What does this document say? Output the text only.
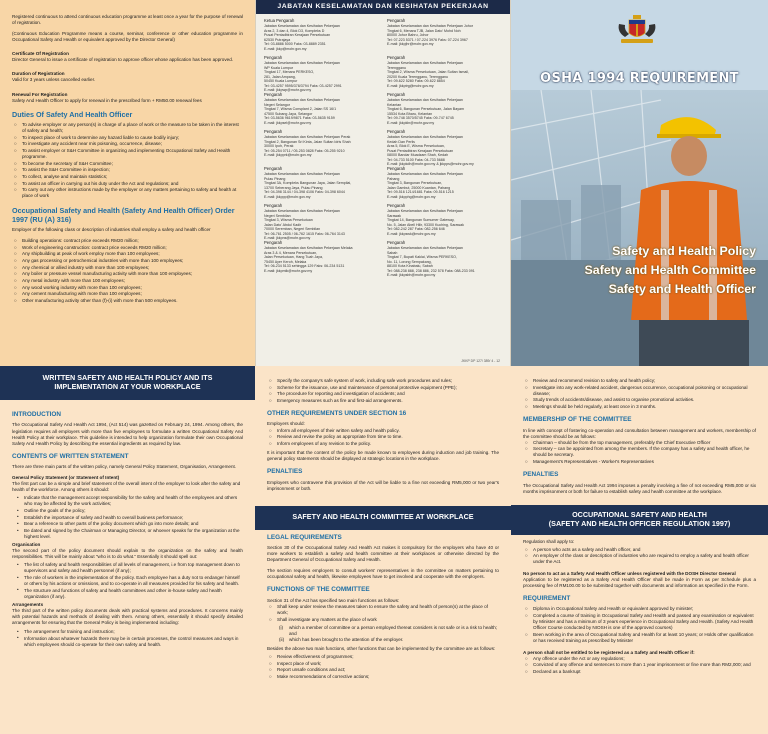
Registered continuous to attend continuous education programme at least once a year for the purpose of renewal of registration.

(Continuous Education Programme means a course, seminar, conference or other education programme in Occupational Safety and Health or equivalent approved by the Director General)

Certificate Of Registration

Director General to issue a certificate of registration to approve officer whose application has been approved.

Duration of Registration

Valid for 3 years unless cancelled earlier.

Renewal For Registration

Safety And Health Officer to apply for renewal in the prescribed form + RM50.00 renewal fees

Duties Of Safety And Health Officer
○ To advise employer or any person(s) in charge of a place of work or the measure to be taken in the interest of safety and health;
○ To inspect place of work to determine any hazard liable to cause bodily injury;
○ To investigate any accident near mis poisoning, occurrence, disease;
○ To assist employer or S&H Committee in organizing and implementing Occupational Safety and Health programme.
○ To become the secretary of S&H Committee;
○ To assist the S&H Committee in inspection;
○ To collect, analyse and maintain statistics;
○ To assist an officer in carrying out his duty under the Act and regulations; and
○ To carry out any other instructions made by the employer or any matters pertaining to safety and health at place of work
Occupational Safety and Health (Safety And Health Officer) Order 1997 (RU (A) 316)

Employer of the following class or description of industries shall employ a safety and health officer

○ Building operations: contract price exceeds RM20 million;
○ Work of engineering construction: contract price exceeds RM20 million;
○ Any shipbuilding at peak of work employ more than 100 employees;
○ Any gas processing or petrochemical industries with more than 100 employees;
○ Any chemical or allied industry with more than 100 employees;
○ Any boiler or pressure vessel manufacturing activity with more than 100 employees;
○ Any metal industry with more than 100 employees;
○ Any wood working industry with more than 100 employees;
○ Any cement manufacturing with more than 100 employees;
○ Other manufacturing activity other than (f)-(i) with more than 500 employees.
JABATAN KESELAMATAN DAN KESIHATAN PEKERJAAN
Ketua Pengarah
Jabatan Keselamatan dan Kesihatan Pekerjaan
Aras 2, 3 dan 4, Blok D3, Kompleks D
Pusat Pentadbiran Kerajaan Persekutuan
62530 Putrajaya
Tel: 03-8886 5000 Faks: 03-8889 2351
E-mail: jkkp@mohr.gov.my
Pengarah
Jabatan Keselamatan dan Kesihatan Pekerjaan
WP Kuala Lumpur
Tingkat 17, Menara PERKESO,
281, Jalan Ampang,
50450 Kuala Lumpur
Tel: 03-4257 9595/378/3794 Faks: 03-4257 2991
E-mail: jkkpwp@mohr.gov.my
Pengarah
Jabatan Keselamatan dan Kesihatan Pekerjaan
Negeri Selangor
Tingkat 7, Wisma Consplant 2, Jalan SS 16/1
47500 Subang Jaya, Selangor
Tel: 03-5636 9619/9871 Faks: 03-5635 9159
E-mail: jkkpsel@mohr.gov.my
Pengarah
Jabatan Keselamatan dan Kesihatan Pekerjaan Perak
Tingkat 2, Bangunan Sri Kinta, Jalan Sultan Idris Shah
30000 Ipoh, Perak
Tel: 05-254 0711 / 05-253 0828 Faks: 05-255 9210
E-mail: jkkpprk@mohr.gov.my
Pengarah
Jabatan Keselamatan dan Kesihatan Pekerjaan
Pulau Pinang
Tingkat 3A, Kompleks Bangunan Jaya, Jalan Sempilai,
13700 Seberang Jaya, Pulau Pinang
Tel: 04-398 3144 / 04-398 4106 Faks: 04-398 6044
E-mail: jkkppp@mohr.gov.my
Pengarah
Jabatan Keselamatan dan Kesihatan Pekerjaan
Negeri Sembilan
Tingkat 3, Wisma Persekutuan
Jalan Dato' Abdul Kadir
70000 Seremban, Negeri Sembilan
Tel: 06-761 2505 / 06-762 1615 Faks: 06-764 3143
E-mail: jkkpns@mohr.gov.my
Pengarah
Jabatan Keselamatan dan Kesihatan Pekerjaan Melaka
Aras 3 & 4, Menara Persekutuan,
Jalan Persekutuan, Hang Tuah Jaya,
75450 Ayer Keroh, Melaka
Tel: 06-234 5133 sehingga 129 Faks: 06-234 5131
E-mail: jkkpmlk@mohr.gov.my
Pengarah
Jabatan Keselamatan dan Kesihatan Pekerjaan Johor
Tingkat 6, Menara TJB, Jalan Dato' Mohd Noh
80000 Johor Bahru, Johor
Tel: 07-223 5371 / 07-224 3976 Faks: 07-224 3967
E-mail: jkkpjhr@mohr.gov.my
Pengarah
Jabatan Keselamatan dan Kesihatan Pekerjaan
Terengganu
Tingkat 2, Wisma Persekutuan, Jalan Sultan Ismail,
20200 Kuala Terengganu, Terengganu
Tel: 09-622 5280 Faks: 09-622 8854
E-mail: jkkptrg@mohr.gov.my
Pengarah
Jabatan Keselamatan dan Kesihatan Pekerjaan
Kelantan
Tingkat 6, Bangunan Persekutuan, Jalan Bayam
15534 Kota Bharu, Kelantan
Tel: 09-748 3570/5745 Faks: 09-747 6745
E-mail: jkkpkln@mohr.gov.my
Pengarah
Jabatan Keselamatan dan Kesihatan Pekerjaan
Kedah Dan Perlis
Aras 5, Blok E, Wisma Persekutuan,
Pusat Pentadbiran Kerajaan Persekutuan
08000 Bandar Muadzam Shah, Kedah
Tel: 04-733 5100 Faks: 04-733 5688
E-mail: jkkpkdh@mohr.gov.my & jkkpps@mohr.gov.my
Pengarah
Jabatan Keselamatan dan Kesihatan Pekerjaan
Pahang
Tingkat 3, Bangunan Persekutuan,
Jalan Gambut, 25000 Kuantan, Pahang
Tel: 09-516 1214/1681 Faks: 09-516 1215
E-mail: jkkpphg@mohr.gov.my
Pengarah
Jabatan Keselamatan dan Kesihatan Pekerjaan
Sarawak
Tingkat 14, Bangunan Sumumer Gateway,
No. 5, Jalan Abell Hilir, 93300 Kuching, Sarawak
Tel: 082-242 287 Faks: 082-256 646
E-mail: jkkpswk@mohr.gov.my
Pengarah
Jabatan Keselamatan dan Kesihatan Pekerjaan
Sabah
Tingkat 7, Bupati Kaklai, Wisma PERKESO,
No. 11, Lorong Sempakang,
88100 Kota Kinabalu, Sabah
Tel: 088-238 888, 238 886, 232 578 Faks: 088-233 091
E-mail: jkkpsbh@mohr.gov.my
JKKP DP 127/ 389/ 4 - 12
OSHA 1994 REQUIREMENT
Safety and Health Policy
Safety and Health Committee
Safety and Health Officer
WRITTEN SAFETY AND HEALTH POLICY AND ITS IMPLEMENTATION AT YOUR WORKPLACE
INTRODUCTION

The Occupational Safety And Health Act 1994, (Act 514) was gazetted on February 24, 1994. Among others, the legislation requires all employers with more than five employees to formulate a written Occupational Safety And Health Policy at their workplace. This guideline is intended to help organization formulate their own Occupational Safety And Health Policy by describing the essential ingredients as required by law.

CONTENTS OF WRITTEN STATEMENT

There are three main parts of the written policy, namely General Policy Statement, Organisation, Arrangement.

General Policy Statement (or Statement of Intent)

The first part can be a simple and brief statement of the overall intent of the employer to look after the safety and health of the workforce. Among others it should:

• Indicate that the management accept responsibility for the safety and health of the employees and others who may be affected by the work activities;
• Outline the goals of the policy;
• Establish the importance of safety and health to overall business performance;
• Bear a reference to other parts of the policy document which go into more details; and
• Be dated and signed by the Chairman or Managing Director, or whoever speaks for the organization at the highest level.
Organisation

The second part of the policy document should explain to the organization on the safety and health responsibilities. This will be mainly about "who is to do what." Essentially it should spell out:

• The list of safety and health responsibilities of all levels of management, i.e from top management down to supervisors and safety and health personnel (if any);
• The role of workers in the implementation of the policy. Each employee has a duty not to endanger himself or others by his actions or omissions, and to co-operate in all measures provided for his safety and health.
• The structure and functions of safety and health committees and other in-house safety and health organization (if any).
Arrangements

The third part of the written policy documents deals with practical systems and procedures. It concerns mainly with potential hazards and methods of dealing with them. Among others, essentially it should specify detailed arrangements for ensuring that the General Policy is being implemented including:

• The arrangement for training and instruction;
• Information about whatever hazards there may be in certain processes, the control measures and ways in which employees should co-operate for their own safety and health.
○ Specify the company's safe system of work, including safe work procedures and rules;
○ Scheme for the issuance, use and maintenance of personal protective equipment (PPE);
○ The procedure for reporting and investigation of accidents; and
○ Emergency measures such as fire and first-aid arrangements.
OTHER REQUIREMENTS UNDER SECTION 16

Employers should:

○ Inform all employees of their written safety and health policy.
○ Review and revise the policy as appropriate from time to time.
○ Inform employees of any revision to the policy.

It is important that the content of the policy be made known to employees during induction and job training. The general policy statements should be displayed at strategic locations in the workplace.

PENALTIES

Employers who contravene this provision of the Act will be liable to a fine not exceeding RM5,000 or two year's imprisonment or both.

SAFETY AND HEALTH COMMITTEE AT WORKPLACE
LEGAL REQUIREMENTS

Section 30 of the Occupational Safety And Health Act makes it compulsory for the employers who have 40 or more workers to establish a safety and health committee at their workplaces or otherwise directed by the Department General of Occupational Safety and Health.

The section requires employers to consult workers' representatives in the committee on matters pertaining to occupational safety and health, likewise employees have to get involved and cooperate with the employers.

FUNCTIONS OF THE COMMITTEE

Section 31 of the Act has specified two main functions as follows:

○ Shall keep under review the measures taken to ensure the safety and health of person(s) at the place of work;
○ Shall investigate any matters at the place of work
(i) which a member of committee or a person employed thereat considers is not safe or is a risk to health; and
(ii) which has been brought to the attention of the employer.

Besides the above two main functions, other functions that can be implemented by the committee are as follows:

○ Review effectiveness of programmes;
○ Inspect place of work;
○ Report unsafe conditions and act;
○ Make recommendations of corrective actions;
○ Review and recommend revision to safety and health policy;
○ Investigate into any work-related accident, dangerous occurrence, occupational poisoning or occupational disease;
○ Study trends of accidents/disease, and assist to organise promotional activities.
○ Meetings should be held regularly, at least once in 3 months.
MEMBERSHIP OF THE COMMITTEE

In line with concept of fostering co-operation and consultation between management and workers, membership of the committee should be as follows:

○ Chairman – should be from the top management, preferably the Chief Executive Officer
○ Secretary – can be appointed from among the members. If the company has a safety and health officer, he should be secretary.
○ Management's Representatives - Worker's Representatives
PENALTIES

The Occupational Safety and Health Act 1994 imposes a penalty involving a fine of not exceeding RM5,000 or six months imprisonment or both for failure to establish safety and health committee at the workplace.

OCCUPATIONAL SAFETY AND HEALTH
(SAFETY AND HEALTH OFFICER REGULATION 1997)

Regulation shall apply to:

○ A person who acts as a safety and health officer, and
○ An employer of the class or description of industries who are required to employ a safety and health officer under the Act.
No person to act as a Safety And Health Officer unless registered with the DOSH Director General

Application to be registered as a Safety And Health Officer shall be made in Form as per Schedule plus a processing fee of RM100.00 to be submitted together with documents and information as specified in the Form.

REQUIREMENT
○ Diploma in Occupational Safety and Health or equivalent approved by minister;
○ Completed a course of training in Occupational Safety and Health and passed any examination or equivalent by Minister and has a minimum of 3 years experience in Occupational Safety and Health. (Safety And Health Officer Course conducted by NIOSH is one of the approved courses)
○ Been working in the area of Occupational Safety and Health for at least 10 years; or Holds other qualification or has received training as prescribed by Minister
A person shall not be entitled to be registered as a Safety and Health Officer if:
○ Any offence under the Act or any regulations;
○ Convicted of any offence and sentences to more than 1 year imprisonment or fine more than RM2,000; and
○ Declared as a bankrupt
